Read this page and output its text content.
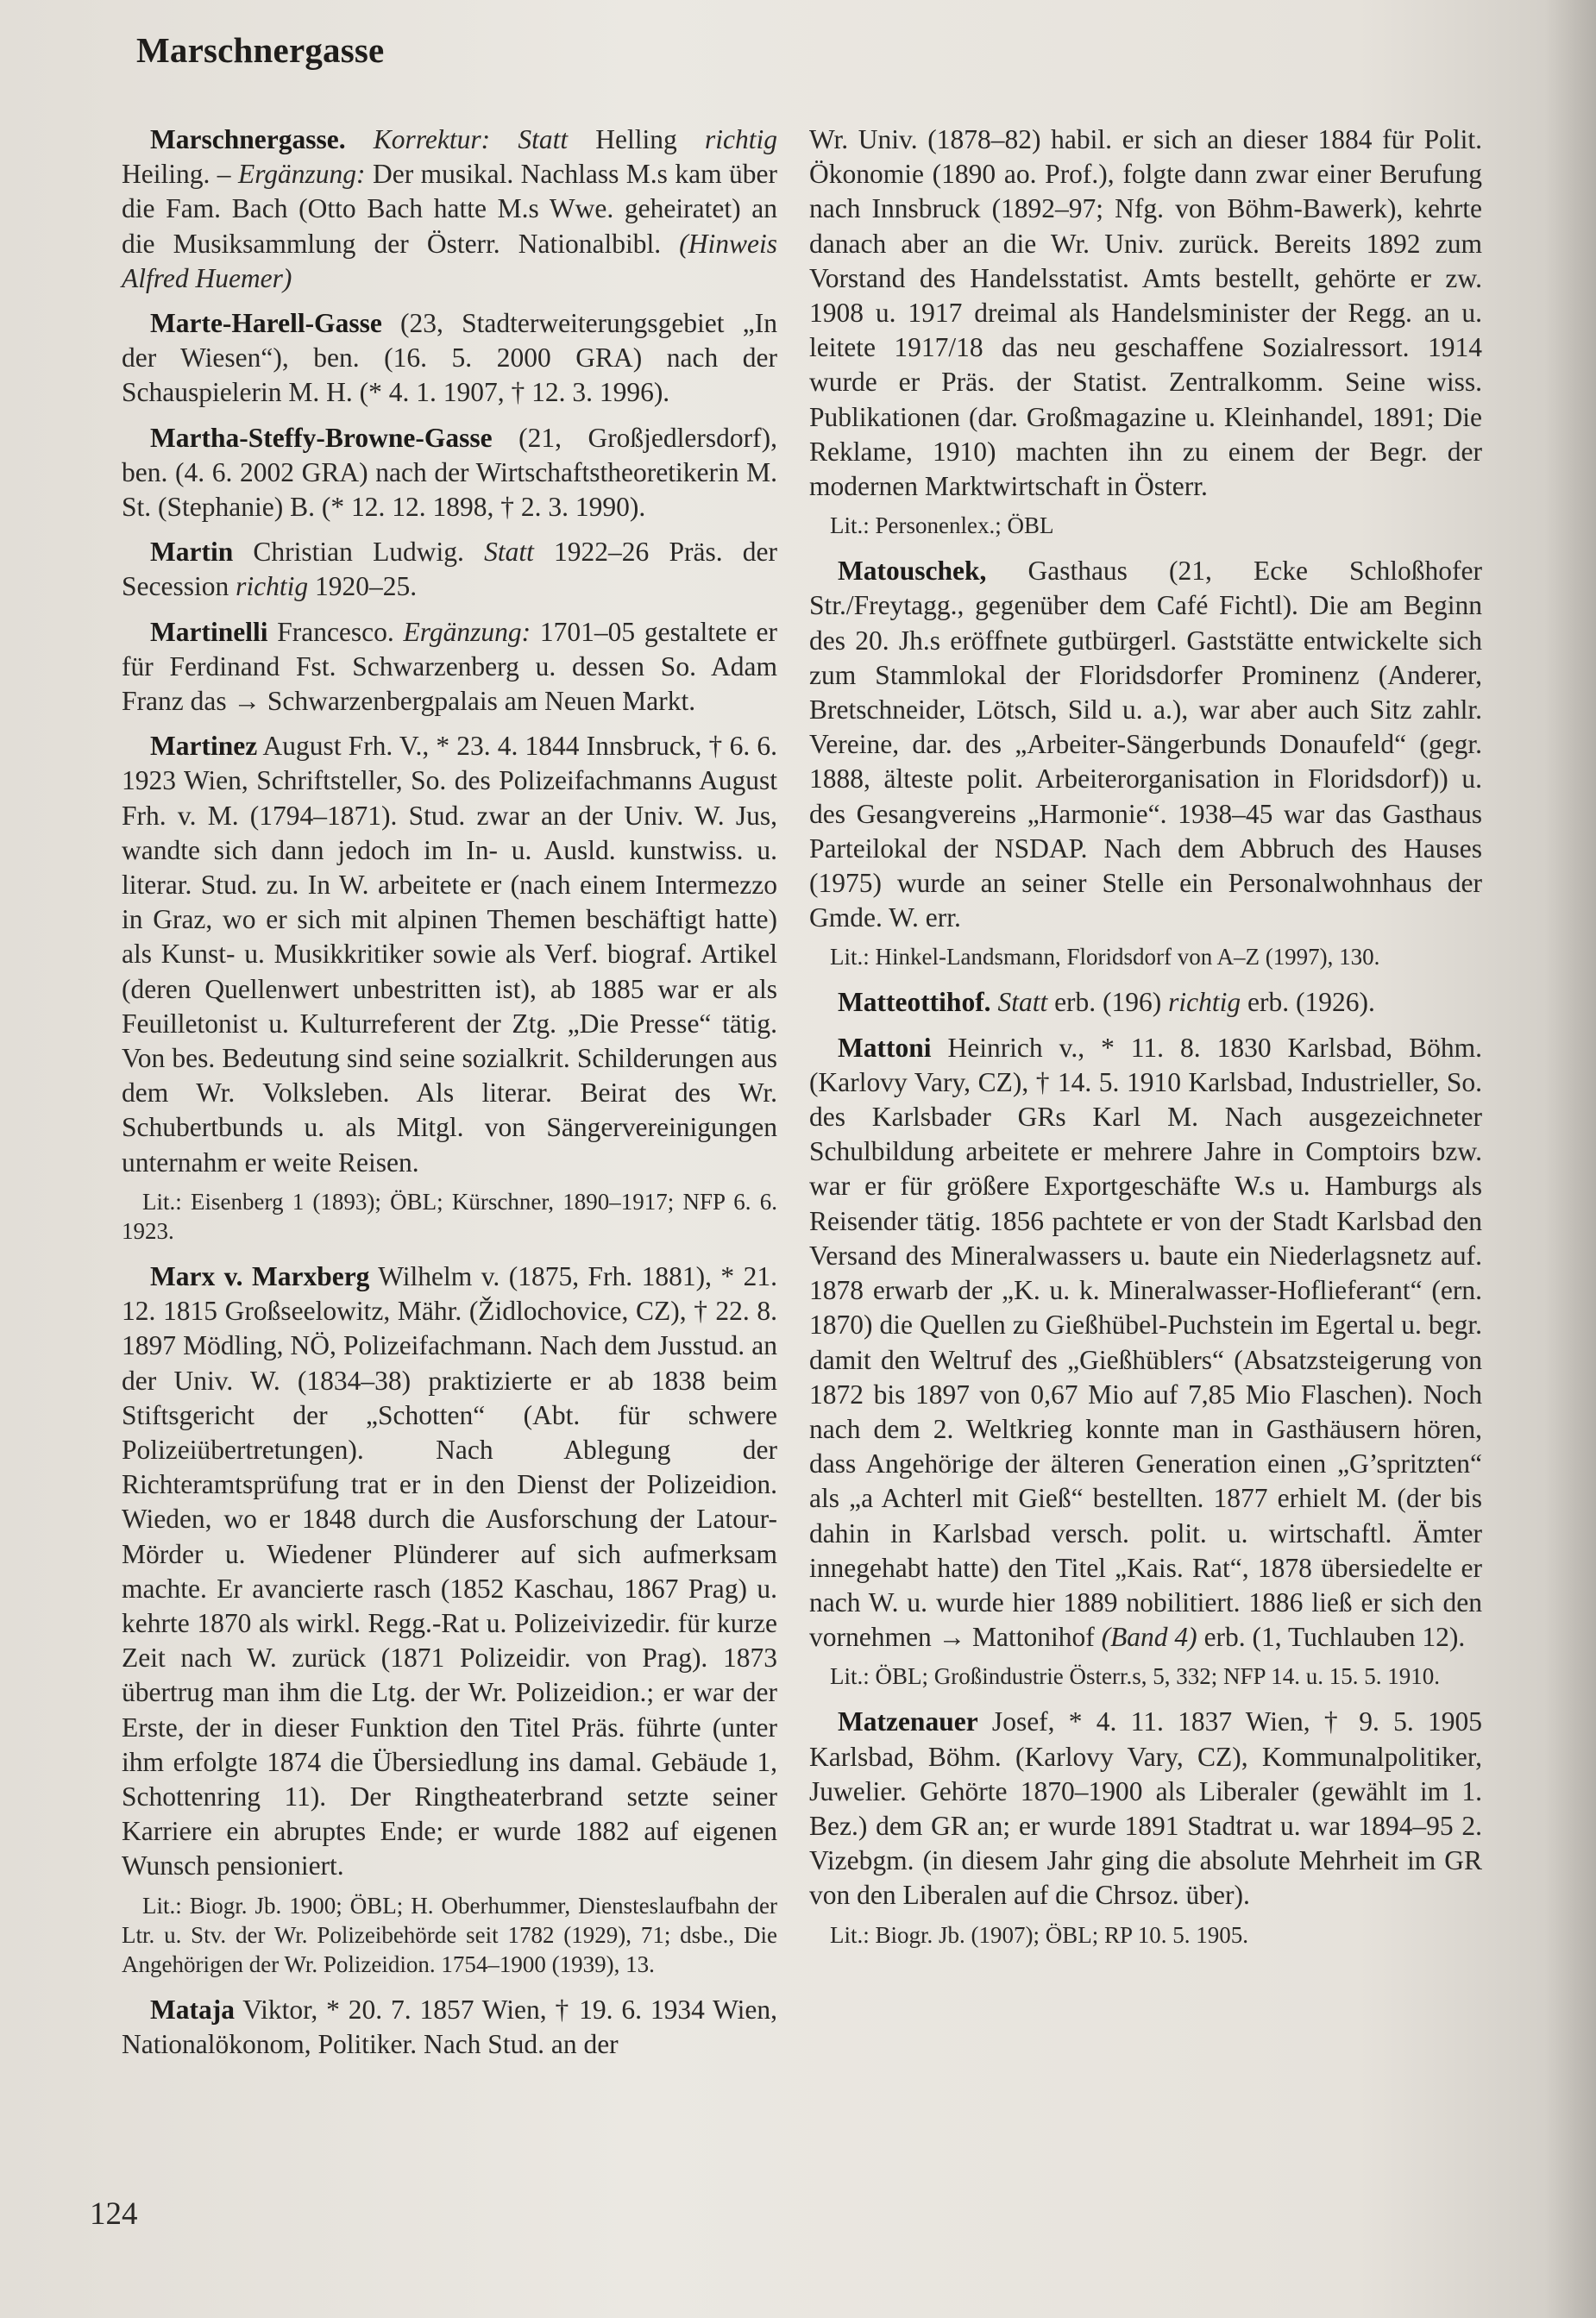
Marschnergasse

Marschnergasse. Korrektur: Statt Helling richtig Heiling. – Ergänzung: Der musikal. Nachlass M.s kam über die Fam. Bach (Otto Bach hatte M.s Wwe. geheiratet) an die Musiksammlung der Österr. Nationalbibl. (Hinweis Alfred Huemer)

Marte-Harell-Gasse (23, Stadterweiterungsgebiet „In der Wiesen“), ben. (16. 5. 2000 GRA) nach der Schauspielerin M. H. (* 4. 1. 1907, † 12. 3. 1996).

Martha-Steffy-Browne-Gasse (21, Großjedlersdorf), ben. (4. 6. 2002 GRA) nach der Wirtschaftstheoretikerin M. St. (Stephanie) B. (* 12. 12. 1898, † 2. 3. 1990).

Martin Christian Ludwig. Statt 1922–26 Präs. der Secession richtig 1920–25.

Martinelli Francesco. Ergänzung: 1701–05 gestaltete er für Ferdinand Fst. Schwarzenberg u. dessen So. Adam Franz das → Schwarzenbergpalais am Neuen Markt.

Martinez August Frh. V., * 23. 4. 1844 Innsbruck, † 6. 6. 1923 Wien, Schriftsteller, So. des Polizeifachmanns August Frh. v. M. (1794–1871). Stud. zwar an der Univ. W. Jus, wandte sich dann jedoch im In- u. Ausld. kunstwiss. u. literar. Stud. zu. In W. arbeitete er (nach einem Intermezzo in Graz, wo er sich mit alpinen Themen beschäftigt hatte) als Kunst- u. Musikkritiker sowie als Verf. biograf. Artikel (deren Quellenwert unbestritten ist), ab 1885 war er als Feuilletonist u. Kulturreferent der Ztg. „Die Presse“ tätig. Von bes. Bedeutung sind seine sozialkrit. Schilderungen aus dem Wr. Volksleben. Als literar. Beirat des Wr. Schubertbunds u. als Mitgl. von Sängervereinigungen unternahm er weite Reisen.

Lit.: Eisenberg 1 (1893); ÖBL; Kürschner, 1890–1917; NFP 6. 6. 1923.

Marx v. Marxberg Wilhelm v. (1875, Frh. 1881), * 21. 12. 1815 Großseelowitz, Mähr. (Židlochovice, CZ), † 22. 8. 1897 Mödling, NÖ, Polizeifachmann. Nach dem Jusstud. an der Univ. W. (1834–38) praktizierte er ab 1838 beim Stiftsgericht der „Schotten“ (Abt. für schwere Polizeiübertretungen). Nach Ablegung der Richteramtsprüfung trat er in den Dienst der Polizeidion. Wieden, wo er 1848 durch die Ausforschung der Latour-Mörder u. Wiedener Plünderer auf sich aufmerksam machte. Er avancierte rasch (1852 Kaschau, 1867 Prag) u. kehrte 1870 als wirkl. Regg.-Rat u. Polizeivizedir. für kurze Zeit nach W. zurück (1871 Polizeidir. von Prag). 1873 übertrug man ihm die Ltg. der Wr. Polizeidion.; er war der Erste, der in dieser Funktion den Titel Präs. führte (unter ihm erfolgte 1874 die Übersiedlung ins damal. Gebäude 1, Schottenring 11). Der Ringtheaterbrand setzte seiner Karriere ein abruptes Ende; er wurde 1882 auf eigenen Wunsch pensioniert.

Lit.: Biogr. Jb. 1900; ÖBL; H. Oberhummer, Diensteslaufbahn der Ltr. u. Stv. der Wr. Polizeibehörde seit 1782 (1929), 71; dsbe., Die Angehörigen der Wr. Polizeidion. 1754–1900 (1939), 13.

Mataja Viktor, * 20. 7. 1857 Wien, † 19. 6. 1934 Wien, Nationalökonom, Politiker. Nach Stud. an der

Wr. Univ. (1878–82) habil. er sich an dieser 1884 für Polit. Ökonomie (1890 ao. Prof.), folgte dann zwar einer Berufung nach Innsbruck (1892–97; Nfg. von Böhm-Bawerk), kehrte danach aber an die Wr. Univ. zurück. Bereits 1892 zum Vorstand des Handelsstatist. Amts bestellt, gehörte er zw. 1908 u. 1917 dreimal als Handelsminister der Regg. an u. leitete 1917/18 das neu geschaffene Sozialressort. 1914 wurde er Präs. der Statist. Zentralkomm. Seine wiss. Publikationen (dar. Großmagazine u. Kleinhandel, 1891; Die Reklame, 1910) machten ihn zu einem der Begr. der modernen Marktwirtschaft in Österr.

Lit.: Personenlex.; ÖBL

Matouschek, Gasthaus (21, Ecke Schloßhofer Str./Freytagg., gegenüber dem Café Fichtl). Die am Beginn des 20. Jh.s eröffnete gutbürgerl. Gaststätte entwickelte sich zum Stammlokal der Floridsdorfer Prominenz (Anderer, Bretschneider, Lötsch, Sild u. a.), war aber auch Sitz zahlr. Vereine, dar. des „Arbeiter-Sängerbunds Donaufeld“ (gegr. 1888, älteste polit. Arbeiterorganisation in Floridsdorf)) u. des Gesangvereins „Harmonie“. 1938–45 war das Gasthaus Parteilokal der NSDAP. Nach dem Abbruch des Hauses (1975) wurde an seiner Stelle ein Personalwohnhaus der Gmde. W. err.

Lit.: Hinkel-Landsmann, Floridsdorf von A–Z (1997), 130.

Matteottihof. Statt erb. (196) richtig erb. (1926).

Mattoni Heinrich v., * 11. 8. 1830 Karlsbad, Böhm. (Karlovy Vary, CZ), † 14. 5. 1910 Karlsbad, Industrieller, So. des Karlsbader GRs Karl M. Nach ausgezeichneter Schulbildung arbeitete er mehrere Jahre in Comptoirs bzw. war er für größere Exportgeschäfte W.s u. Hamburgs als Reisender tätig. 1856 pachtete er von der Stadt Karlsbad den Versand des Mineralwassers u. baute ein Niederlagsnetz auf. 1878 erwarb der „K. u. k. Mineralwasser-Hoflieferant“ (ern. 1870) die Quellen zu Gießhübel-Puchstein im Egertal u. begr. damit den Weltruf des „Gießhüblers“ (Absatzsteigerung von 1872 bis 1897 von 0,67 Mio auf 7,85 Mio Flaschen). Noch nach dem 2. Weltkrieg konnte man in Gasthäusern hören, dass Angehörige der älteren Generation einen „G’spritzten“ als „a Achterl mit Gieß“ bestellten. 1877 erhielt M. (der bis dahin in Karlsbad versch. polit. u. wirtschaftl. Ämter innegehabt hatte) den Titel „Kais. Rat“, 1878 übersiedelte er nach W. u. wurde hier 1889 nobilitiert. 1886 ließ er sich den vornehmen → Mattonihof (Band 4) erb. (1, Tuchlauben 12).

Lit.: ÖBL; Großindustrie Österr.s, 5, 332; NFP 14. u. 15. 5. 1910.

Matzenauer Josef, * 4. 11. 1837 Wien, † 9. 5. 1905 Karlsbad, Böhm. (Karlovy Vary, CZ), Kommunalpolitiker, Juwelier. Gehörte 1870–1900 als Liberaler (gewählt im 1. Bez.) dem GR an; er wurde 1891 Stadtrat u. war 1894–95 2. Vizebgm. (in diesem Jahr ging die absolute Mehrheit im GR von den Liberalen auf die Chrsoz. über).

Lit.: Biogr. Jb. (1907); ÖBL; RP 10. 5. 1905.

124
